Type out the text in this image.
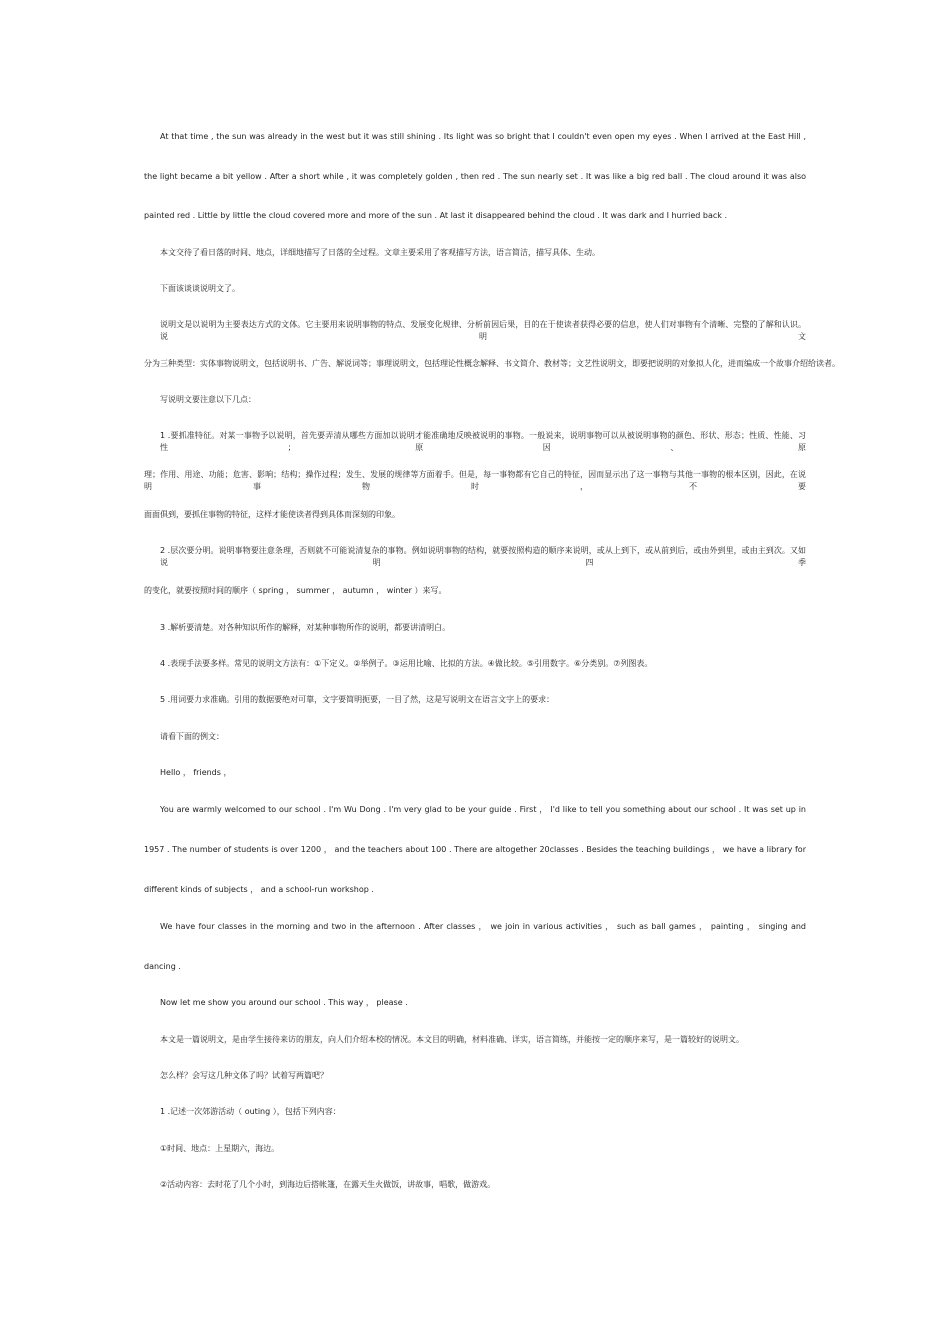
At that time , the sun was already in the west but it was still shining . Its light was so bright that I couldn't even open my eyes . When I arrived at the East Hill ,

the light became a bit yellow . After a short while , it was completely golden , then red . The sun nearly set . It was like a big red ball . The cloud around it was also

painted red . Little by little the cloud covered more and more of the sun . At last it disappeared behind the cloud . It was dark and I hurried back .

本文交待了看日落的时间、地点，详细地描写了日落的全过程。文章主要采用了客观描写方法，语言简洁，描写具体、生动。

下面该谈谈说明文了。

说明文是以说明为主要表达方式的文体。它主要用来说明事物的特点、发展变化规律、分析前因后果，目的在于使读者获得必要的信息，使人们对事物有个清晰、完整的了解和认识。说明文

分为三种类型：实体事物说明文，包括说明书、广告、解说词等；事理说明文，包括理论性概念解释、书文简介、教材等；文艺性说明文，即要把说明的对象拟人化，进而编成一个故事介绍给读者。

写说明文要注意以下几点：

1 .要抓准特征。对某一事物予以说明，首先要弄清从哪些方面加以说明才能准确地反映被说明的事物。一般说来，说明事物可以从被说明事物的颜色、形状、形态；性质、性能、习性；原因、原

理；作用、用途、功能；危害、影响；结构；操作过程；发生、发展的规律等方面着手。但是，每一事物都有它自己的特征，因而显示出了这一事物与其他一事物的根本区别，因此，在说明事物时，不要

面面俱到，要抓住事物的特征，这样才能使读者得到具体而深刻的印象。

2 .层次要分明。说明事物要注意条理，否则就不可能说清复杂的事物。例如说明事物的结构，就要按照构造的顺序来说明，或从上到下，或从前到后，或由外到里，或由主到次。又如说明四季

的变化，就要按照时间的顺序（ spring ， summer ， autumn ， winter ）来写。

3 .解析要清楚。对各种知识所作的解释，对某种事物所作的说明，都要讲清明白。

4 .表现手法要多样。常见的说明文方法有：①下定义。②举例子。③运用比喻、比拟的方法。④做比较。⑤引用数字。⑥分类别。⑦列图表。

5 .用词要力求准确。引用的数据要绝对可靠，文字要简明扼要，一目了然，这是写说明文在语言文字上的要求：

请看下面的例文：

Hello ， friends ，

You are warmly welcomed to our school . I'm Wu Dong . I'm very glad to be your guide . First ， I'd like to tell you something about our school . It was set up in

1957 . The number of students is over 1200 ， and the teachers about 100 . There are altogether 20classes . Besides the teaching buildings ， we have a library for

different kinds of subjects ， and a school-run workshop .

We have four classes in the morning and two in the afternoon . After classes ， we join in various activities ， such as ball games ， painting ， singing and

dancing .

Now let me show you around our school . This way ， please .

本文是一篇说明文，是由学生接待来访的朋友，向人们介绍本校的情况。本文目的明确，材料准确、详实，语言简练，并能按一定的顺序来写，是一篇较好的说明文。

怎么样？会写这几种文体了吗？试着写两篇吧？

1 .记述一次郊游活动（ outing ），包括下列内容：

①时间、地点：上星期六，海边。

②活动内容：去时花了几个小时，到海边后搭帐篷，在露天生火做饭，讲故事，唱歌，做游戏。
